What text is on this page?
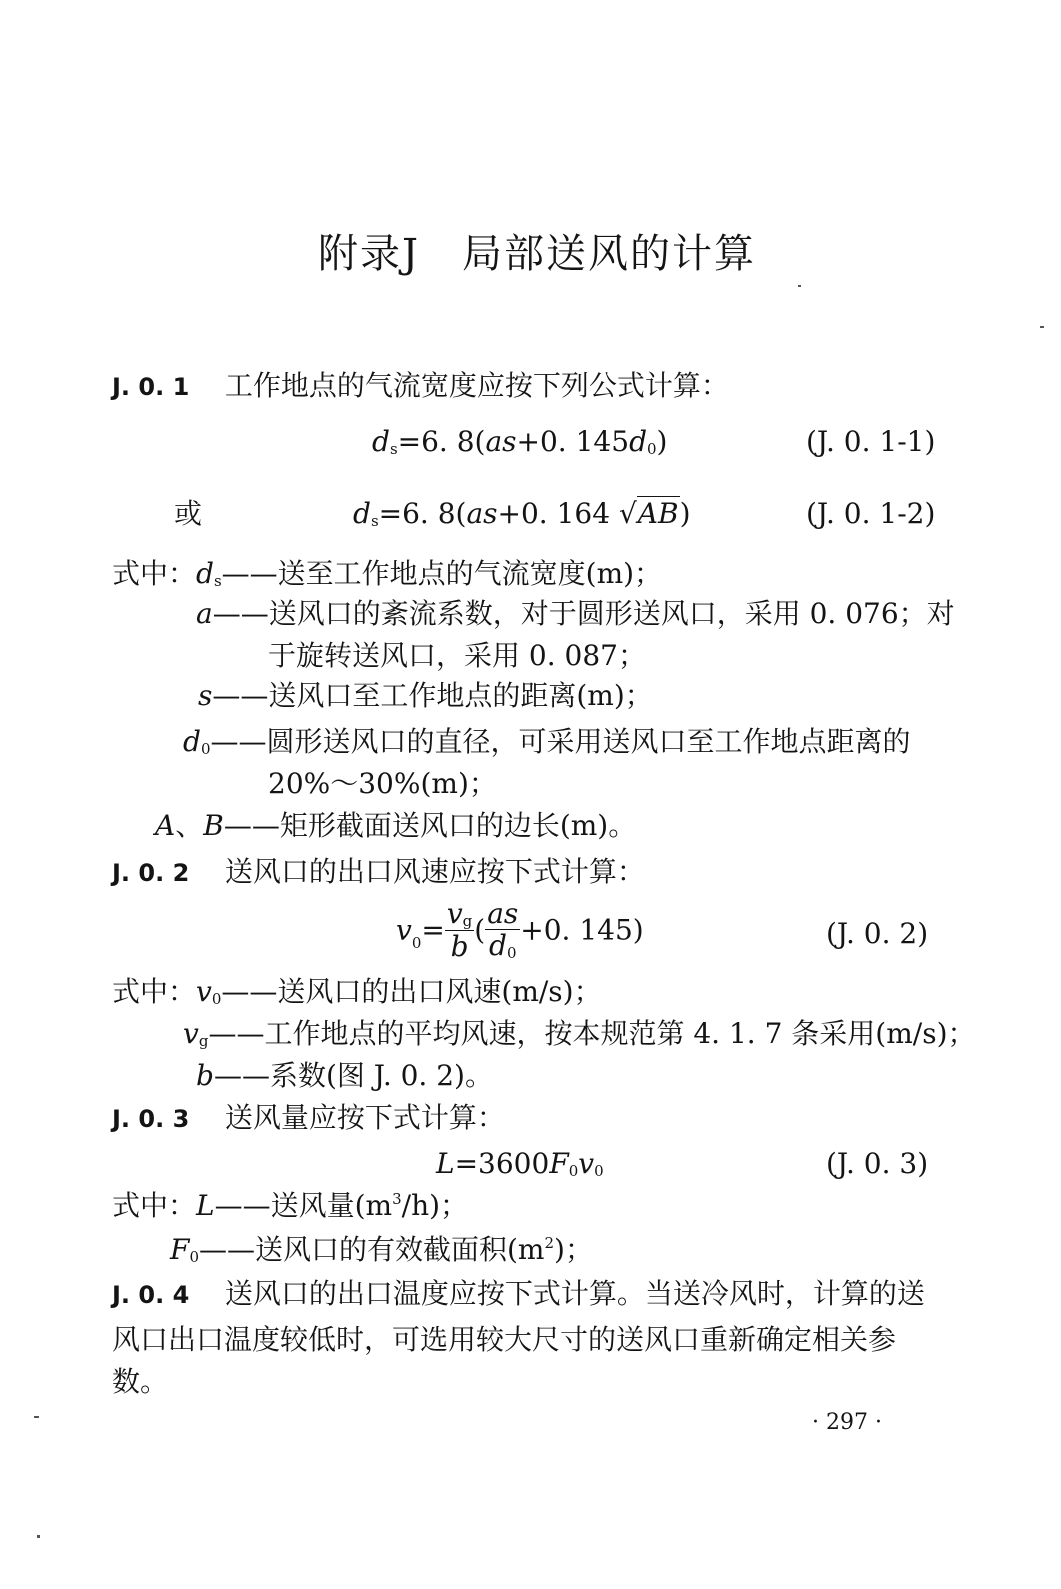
附录J　局部送风的计算
J. 0. 1 工作地点的气流宽度应按下列公式计算：
$d_s=6$. 8(as+0. $145d_0$)	(J. 0. 1-1)
或	$d_s=6$. 8(as+0. 164 √AB)	(J. 0. 1-2)
式中：$d_s——$送至工作地点的气流宽度(m)；
a——送风口的紊流系数，对于圆形送风口，采用 0. 076；对
于旋转送风口，采用 0. 087；
s——送风口至工作地点的距离(m)；
$d_0——$圆形送风口的直径，可采用送风口至工作地点距离的
20%～30%(m)；
A、B——矩形截面送风口的边长(m)。
J. 0. 2 送风口的出口风速应按下式计算：
$v_0= \frac{v_g}{b}$ ( $\frac{as}{d_0} +0$. 145)	(J. 0. 2)
式中：$v_0——$送风口的出口风速(m/s)；
$v_g——$工作地点的平均风速，按本规范第 4. 1. 7 条采用(m/s)；
b——系数(图 J. 0. 2)。
J. 0. 3 送风量应按下式计算：
$L=3600F_0v_0$	(J. 0. 3)
式中：L——送风量$(m^3/h)$；
$F_0——$送风口的有效截面积$(m^2)$；
J. 0. 4 送风口的出口温度应按下式计算。当送冷风时，计算的送
风口出口温度较低时，可选用较大尺寸的送风口重新确定相关参
数。
· 297 ·
